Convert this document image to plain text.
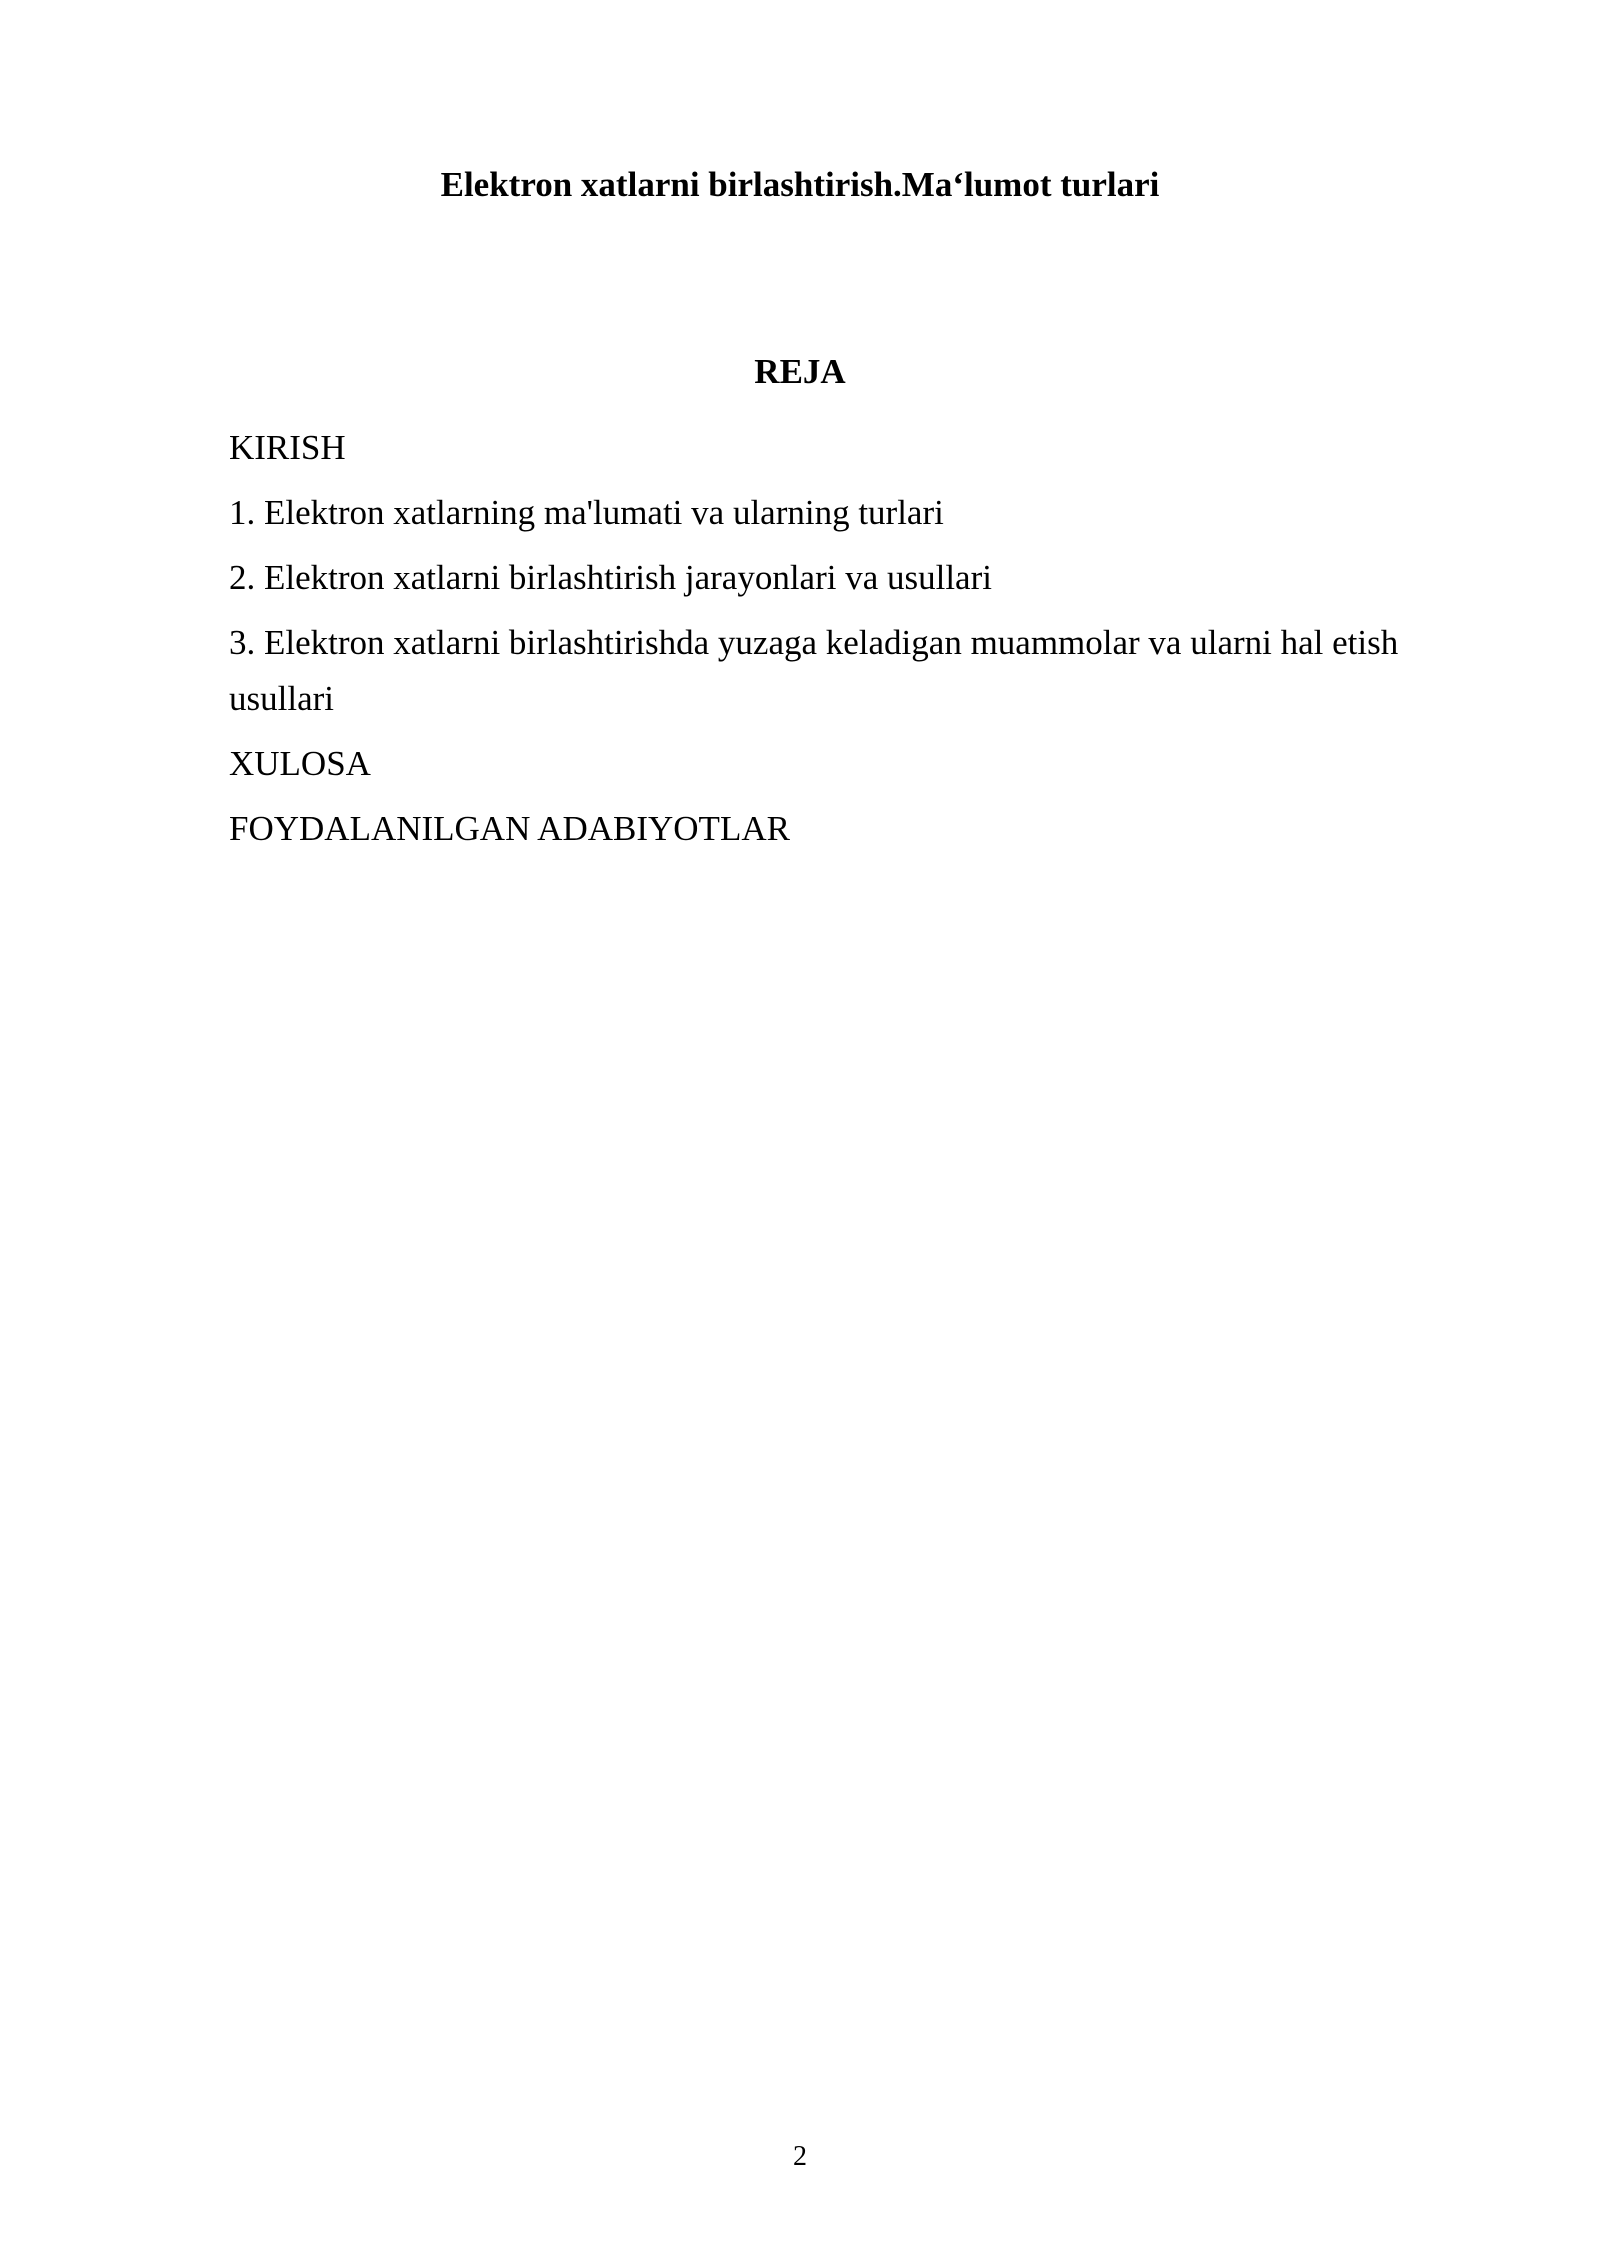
Elektron xatlarni birlashtirish.Ma‘lumot turlari
REJA
KIRISH
1. Elektron xatlarning ma'lumati va ularning turlari
2. Elektron xatlarni birlashtirish jarayonlari va usullari
3. Elektron xatlarni birlashtirishda yuzaga keladigan muammolar va ularni hal etish usullari
XULOSA
FOYDALANILGAN ADABIYOTLAR
2
